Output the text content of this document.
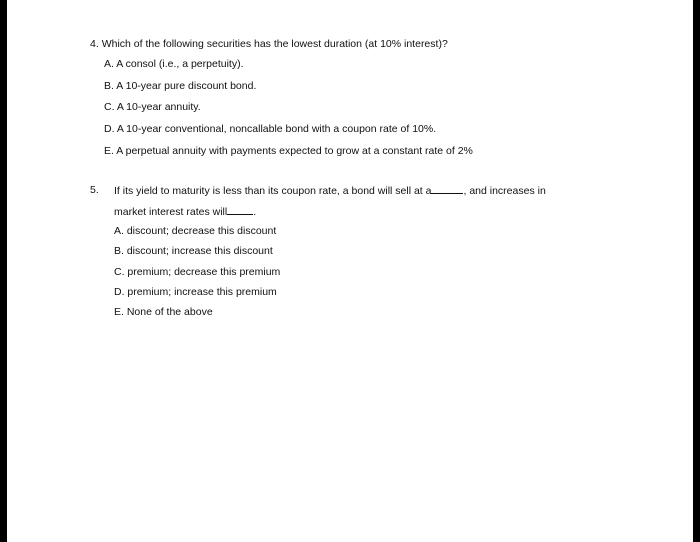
4. Which of the following securities has the lowest duration (at 10% interest)?
A. A consol (i.e., a perpetuity).
B. A 10-year pure discount bond.
C. A 10-year annuity.
D. A 10-year conventional, noncallable bond with a coupon rate of 10%.
E. A perpetual annuity with payments expected to grow at a constant rate of 2%
5. If its yield to maturity is less than its coupon rate, a bond will sell at a	, and increases in
market interest rates will .
A. discount; decrease this discount
B. discount; increase this discount
C. premium; decrease this premium
D. premium; increase this premium
E. None of the above
